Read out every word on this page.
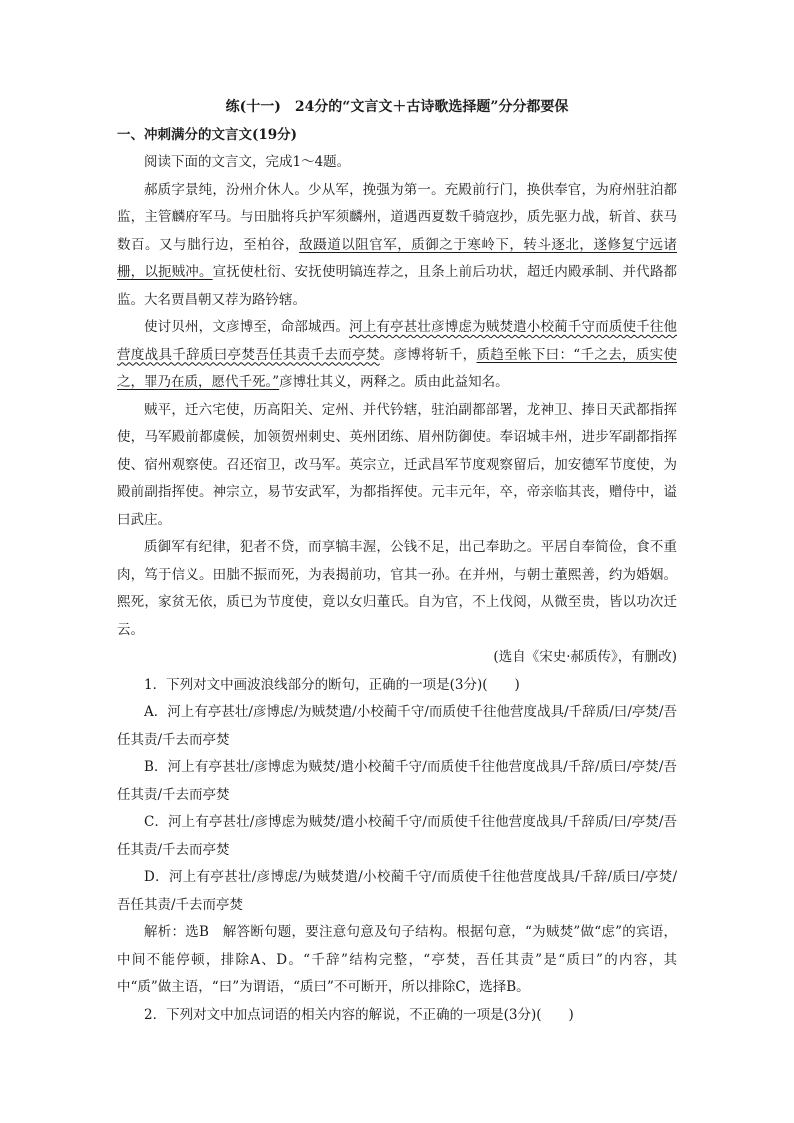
练(十一)　24分的“文言文＋古诗歌选择题”分分都要保

一、冲刺满分的文言文(19分)

阅读下面的文言文，完成1～4题。

郝质字景纯，汾州介休人。少从军，挽强为第一。充殿前行门，换供奉官，为府州驻泊都监，主管麟府军马。与田朏将兵护军须麟州，道遇西夏数千骑寇抄，质先驱力战，斩首、获马数百。又与朏行边，至柏谷，敌蹑道以阻官军，质御之于寒岭下，转斗逐北，遂修复宁远诸栅，以扼贼冲。宣抚使杜衍、安抚使明镐连荐之，且条上前后功状，超迁内殿承制、并代路都监。大名贾昌朝又荐为路钤辖。

使讨贝州，文彦博至，命部城西。河上有亭甚壮彦博虑为贼焚遣小校蔺千守而质使千往他营度战具千辞质曰亭焚吾任其责千去而亭焚。彦博将斩千，质趋至帐下曰：“千之去，质实使之，罪乃在质，愿代千死。”彦博壮其义，两释之。质由此益知名。

贼平，迁六宅使，历高阳关、定州、并代钤辖，驻泊副都部署，龙神卫、捧日天武都指挥使，马军殿前都虞候，加领贺州刺史、英州团练、眉州防御使。奉诏城丰州，进步军副都指挥使、宿州观察使。召还宿卫，改马军。英宗立，迁武昌军节度观察留后，加安德军节度使，为殿前副指挥使。神宗立，易节安武军，为都指挥使。元丰元年，卒，帝亲临其丧，赠侍中，谥曰武庄。

质御军有纪律，犯者不贷，而享犒丰渥，公钱不足，出己奉助之。平居自奉简俭，食不重肉，笃于信义。田朏不振而死，为表揭前功，官其一孙。在并州，与朝士董熙善，约为婚姻。熙死，家贫无依，质已为节度使，竟以女归董氏。自为官，不上伐阅，从微至贵，皆以功次迁云。

(选自《宋史·郝质传》，有删改)

1．下列对文中画波浪线部分的断句，正确的一项是(3分)(　　)

A．河上有亭甚壮/彦博虑/为贼焚遣/小校蔺千守/而质使千往他营度战具/千辞质/曰/亭焚/吾任其责/千去而亭焚

B．河上有亭甚壮/彦博虑为贼焚/遣小校蔺千守/而质使千往他营度战具/千辞/质曰/亭焚/吾任其责/千去而亭焚

C．河上有亭甚壮/彦博虑为贼焚/遣小校蔺千守/而质使千往他营度战具/千辞质/曰/亭焚/吾任其责/千去而亭焚

D．河上有亭甚壮/彦博虑/为贼焚遣/小校蔺千守/而质使千往他营度战具/千辞/质曰/亭焚/吾任其责/千去而亭焚

解析：选B　解答断句题，要注意句意及句子结构。根据句意，“为贼焚”做“虑”的宾语，中间不能停顿，排除A、D。“千辞”结构完整，“亭焚，吾任其责”是“质曰”的内容，其中“质”做主语，“曰”为谓语，“质曰”不可断开，所以排除C，选择B。

2．下列对文中加点词语的相关内容的解说，不正确的一项是(3分)(　　)
